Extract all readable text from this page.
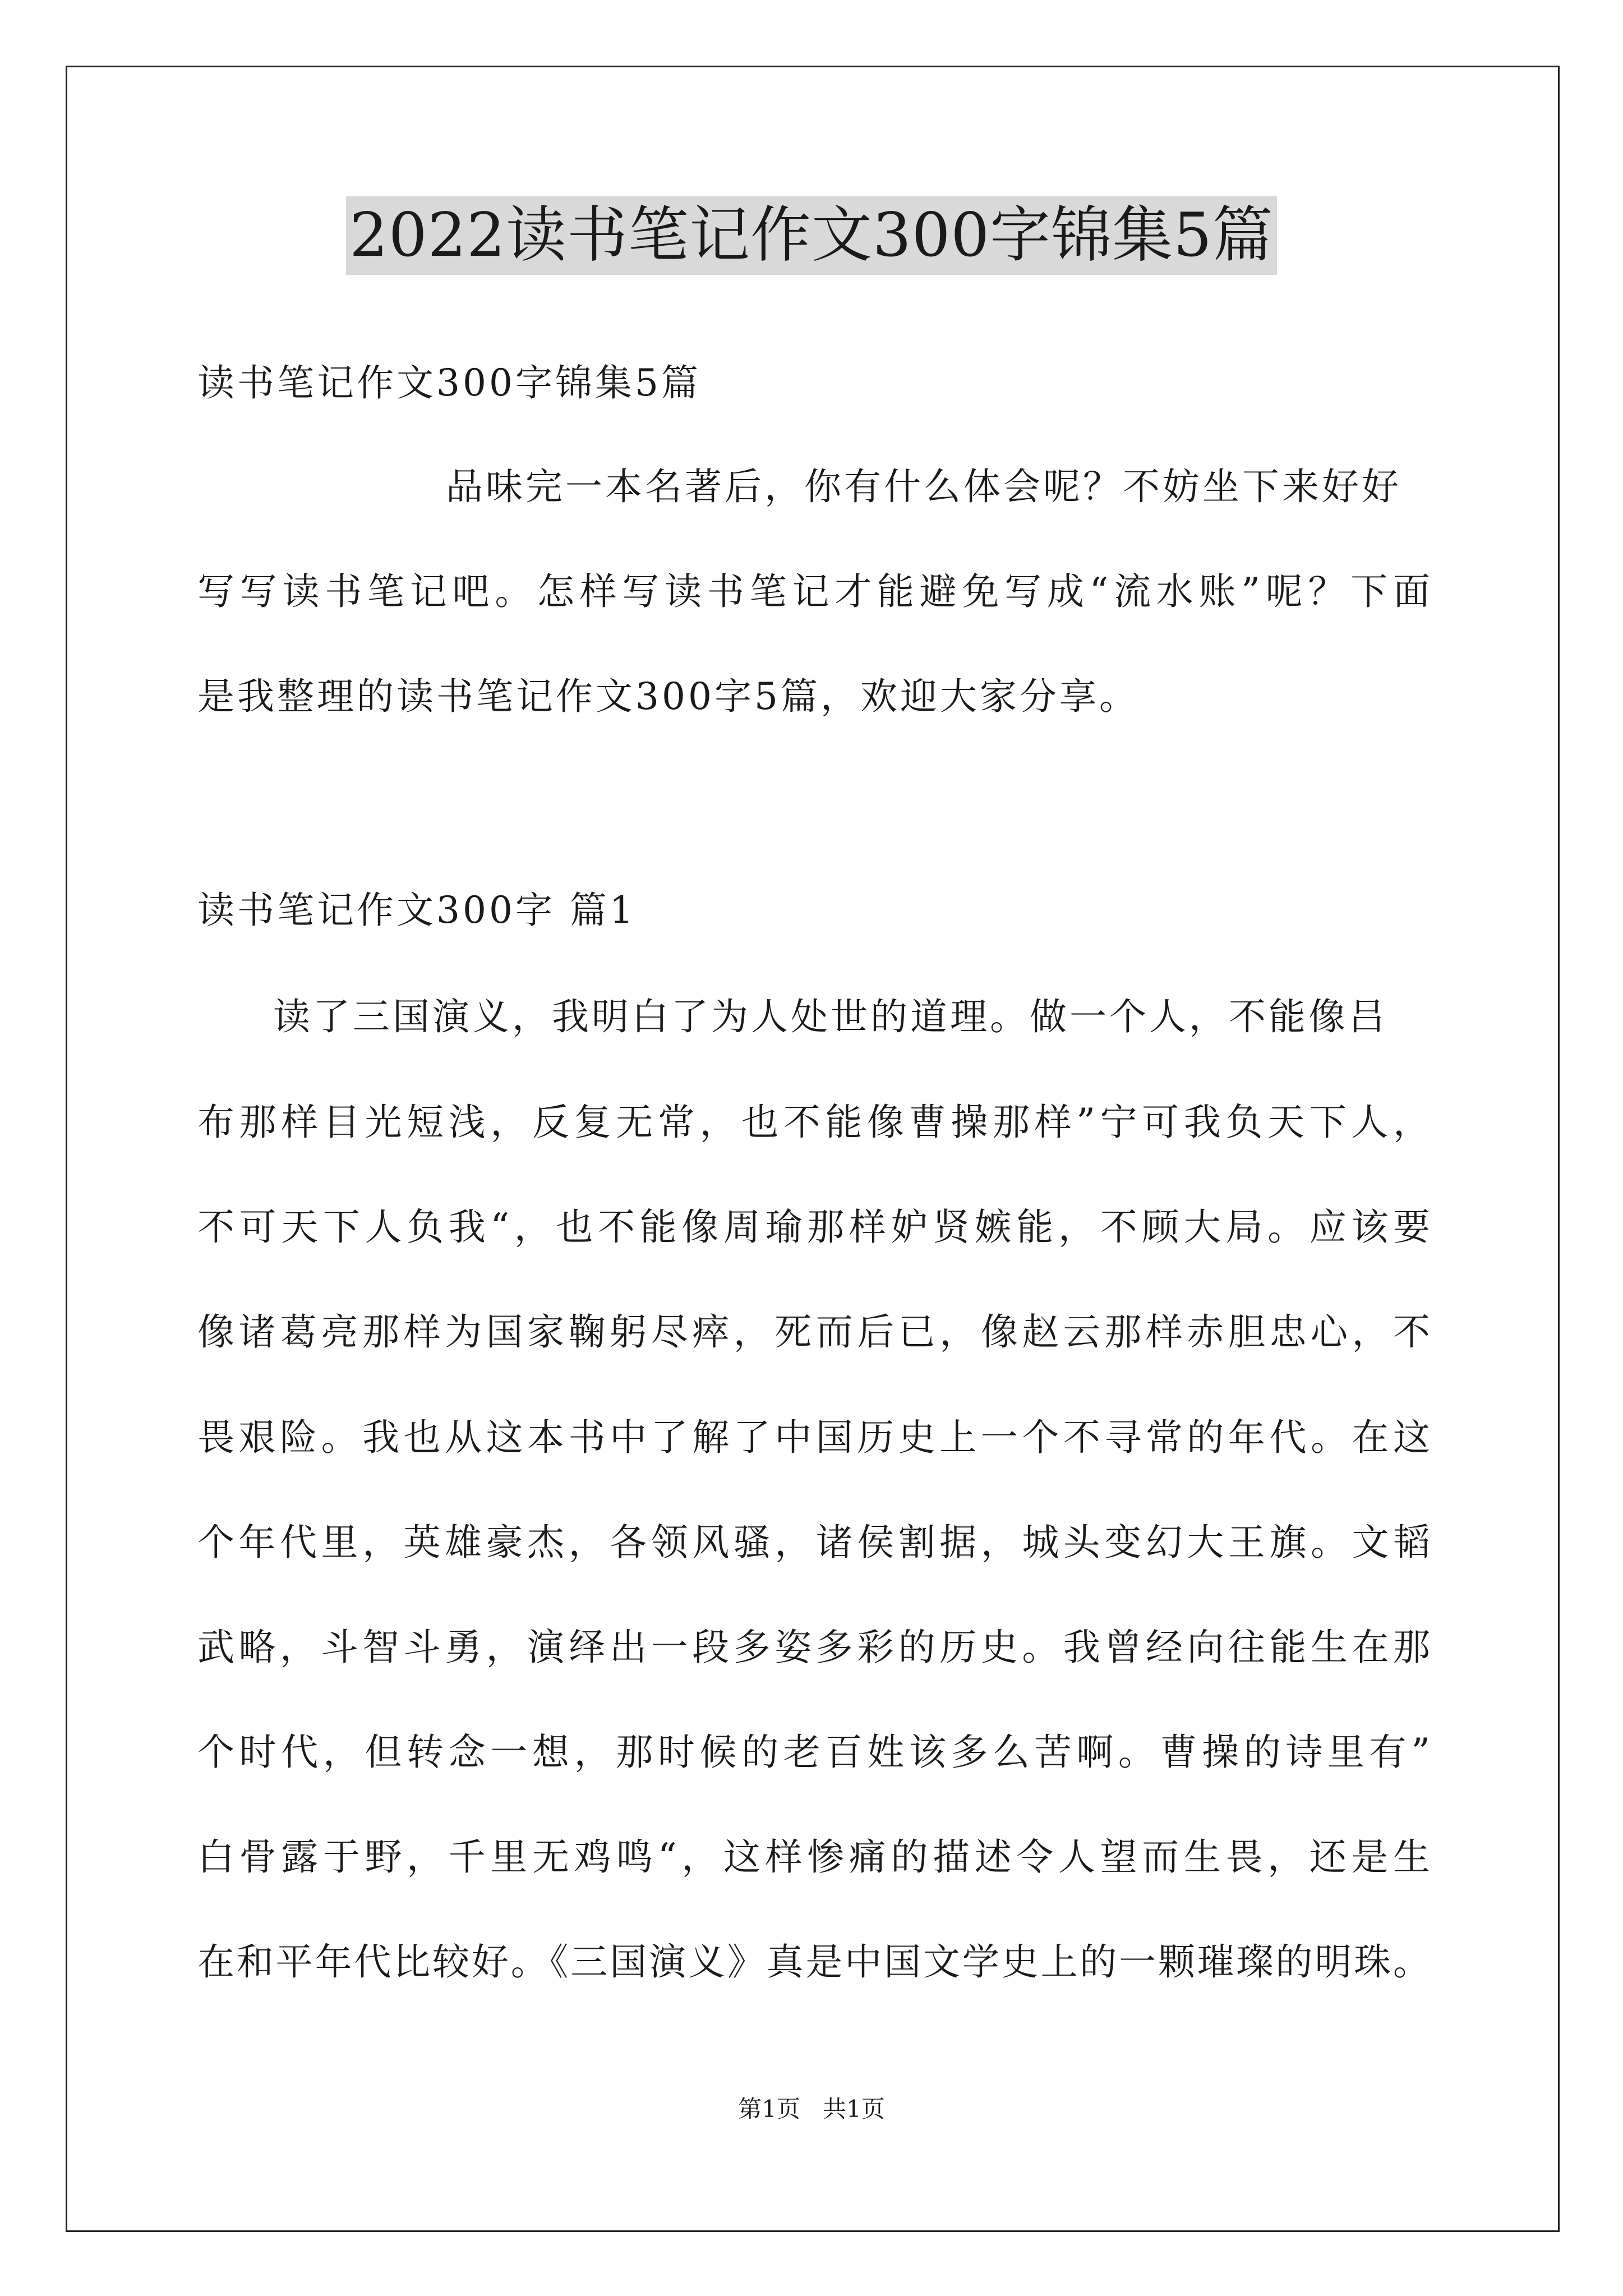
2022读书笔记作文300字锦集5篇
读书笔记作文300字锦集5篇
品味完一本名著后，你有什么体会呢？不妨坐下来好好
写写读书笔记吧。怎样写读书笔记才能避免写成“流水账”呢？下面
是我整理的读书笔记作文300字5篇，欢迎大家分享。
读书笔记作文300字 篇1
读了三国演义，我明白了为人处世的道理。做一个人，不能像吕
布那样目光短浅，反复无常，也不能像曹操那样”宁可我负天下人，
不可天下人负我“，也不能像周瑜那样妒贤嫉能，不顾大局。应该要
像诸葛亮那样为国家鞠躬尽瘁，死而后已，像赵云那样赤胆忠心，不
畏艰险。我也从这本书中了解了中国历史上一个不寻常的年代。在这
个年代里，英雄豪杰，各领风骚，诸侯割据，城头变幻大王旗。文韬
武略，斗智斗勇，演绎出一段多姿多彩的历史。我曾经向往能生在那
个时代，但转念一想，那时候的老百姓该多么苦啊。曹操的诗里有”
白骨露于野，千里无鸡鸣“，这样惨痛的描述令人望而生畏，还是生
在和平年代比较好。《三国演义》真是中国文学史上的一颗璀璨的明珠。
第1页   共1页
